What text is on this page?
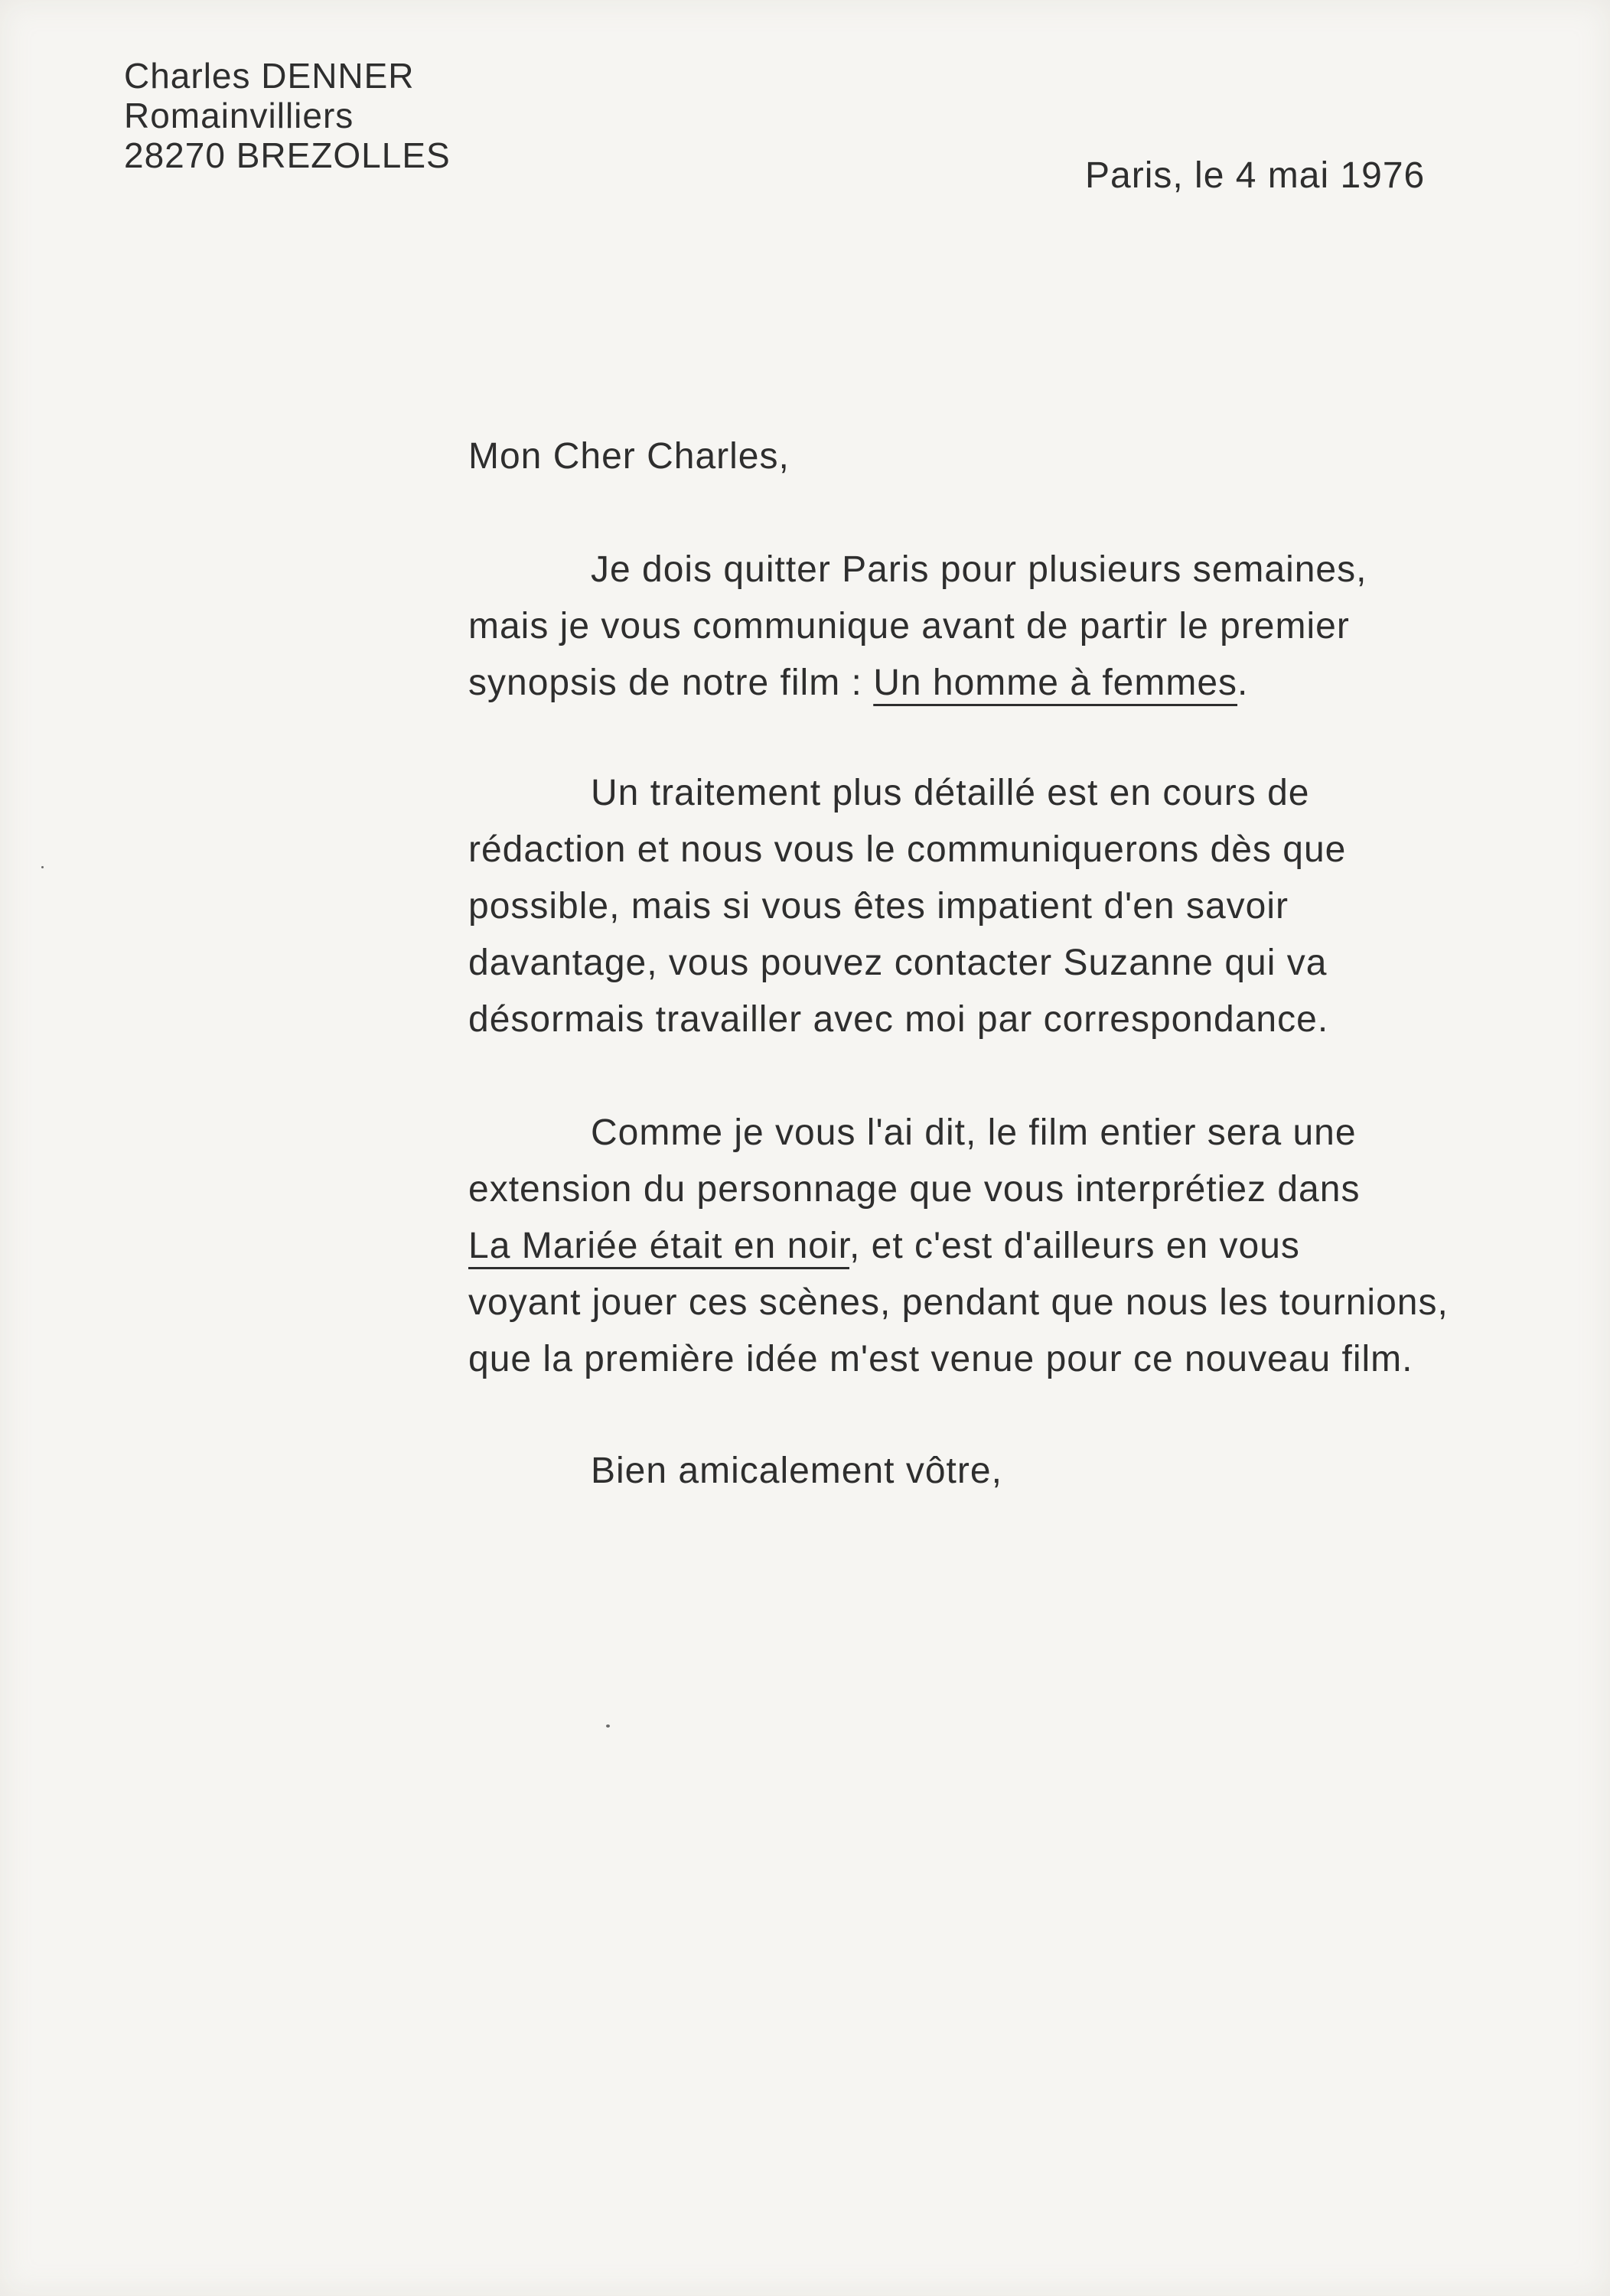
Charles DENNER
Romainvilliers
28270 BREZOLLES	Paris, le 4 mai 1976

Mon Cher Charles,

Je dois quitter Paris pour plusieurs semaines,
mais je vous communique avant de partir le premier
synopsis de notre film : Un homme à femmes.
Un traitement plus détaillé est en cours de
rédaction et nous vous le communiquerons dès que
possible, mais si vous êtes impatient d'en savoir
davantage, vous pouvez contacter Suzanne qui va
désormais travailler avec moi par correspondance.
Comme je vous l'ai dit, le film entier sera une
extension du personnage que vous interprétiez dans
La Mariée était en noir, et c'est d'ailleurs en vous
voyant jouer ces scènes, pendant que nous les tournions,
que la première idée m'est venue pour ce nouveau film.

Bien amicalement vôtre,
